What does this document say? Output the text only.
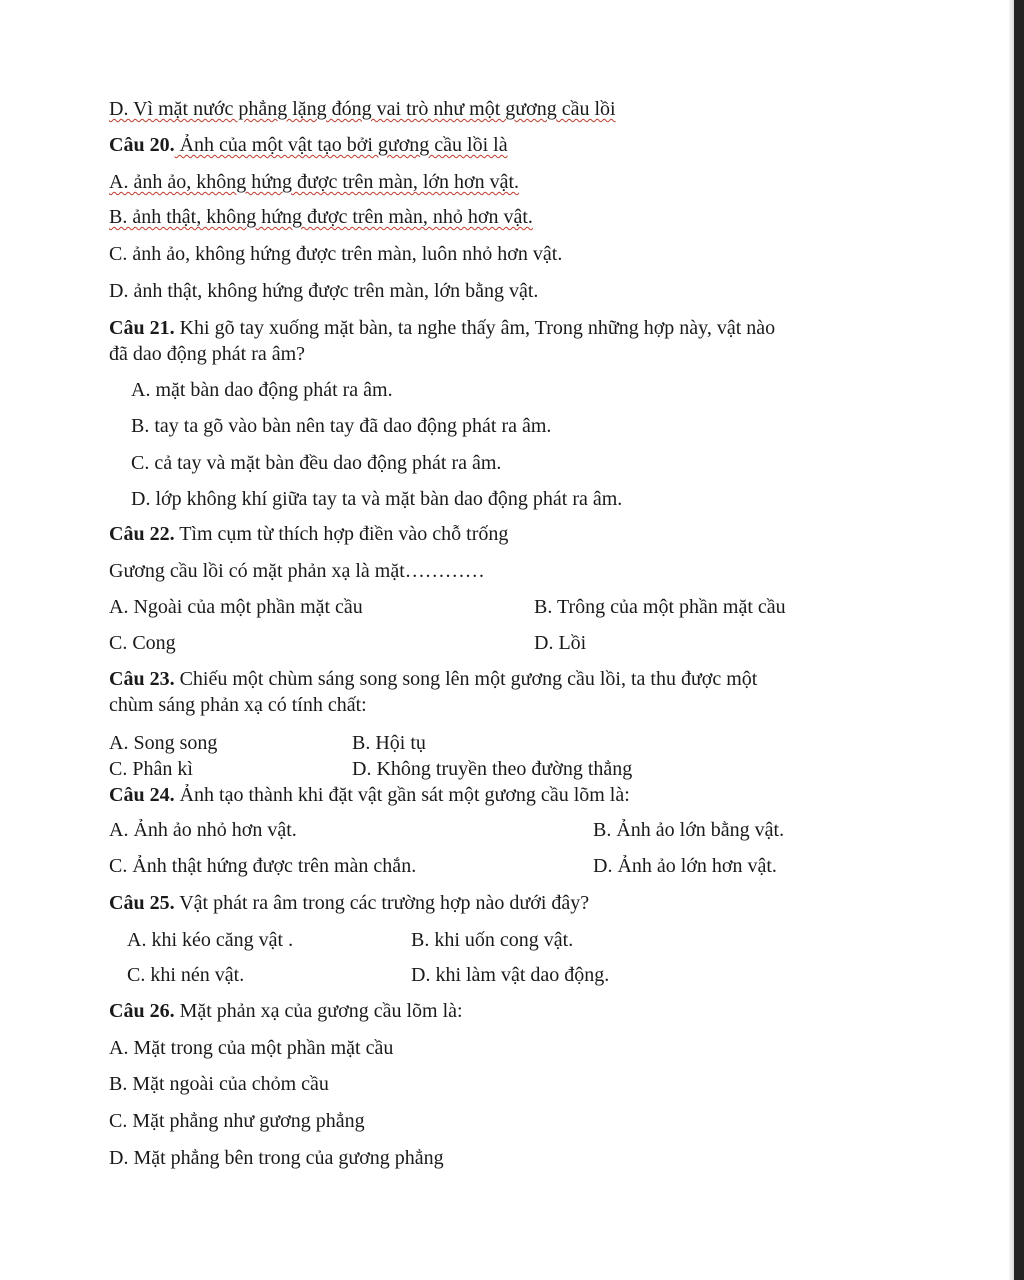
D. Vì mặt nước phẳng lặng đóng vai trò như một gương cầu lồi
Câu 20. Ảnh của một vật tạo bởi gương cầu lồi là
A. ảnh ảo, không hứng được trên màn, lớn hơn vật.
B. ảnh thật, không hứng được trên màn, nhỏ hơn vật.
C. ảnh ảo, không hứng được trên màn, luôn nhỏ hơn vật.
D. ảnh thật, không hứng được trên màn, lớn bằng vật.
Câu 21. Khi gõ tay xuống mặt bàn, ta nghe thấy âm, Trong những hợp này, vật nào
đã dao động phát ra âm?
A. mặt bàn dao động phát ra âm.
B. tay ta gõ vào bàn nên tay đã dao động phát ra âm.
C. cả tay và mặt bàn đều dao động phát ra âm.
D. lớp không khí giữa tay ta và mặt bàn dao động phát ra âm.
Câu 22. Tìm cụm từ thích hợp điền vào chỗ trống
Gương cầu lồi có mặt phản xạ là mặt…………
A. Ngoài của một phần mặt cầu	B. Trông của một phần mặt cầu
C. Cong	D. Lồi
Câu 23. Chiếu một chùm sáng song song lên một gương cầu lồi, ta thu được một
chùm sáng phản xạ có tính chất:
A. Song song	B. Hội tụ
C. Phân kì	D. Không truyền theo đường thẳng
Câu 24. Ảnh tạo thành khi đặt vật gần sát một gương cầu lõm là:
A. Ảnh ảo nhỏ hơn vật.	B. Ảnh ảo lớn bằng vật.
C. Ảnh thật hứng được trên màn chắn.	D. Ảnh ảo lớn hơn vật.
Câu 25. Vật phát ra âm trong các trường hợp nào dưới đây?
A. khi kéo căng vật .	B. khi uốn cong vật.
C. khi nén vật.	D. khi làm vật dao động.
Câu 26. Mặt phản xạ của gương cầu lõm là:
A. Mặt trong của một phần mặt cầu
B. Mặt ngoài của chỏm cầu
C. Mặt phẳng như gương phẳng
D. Mặt phẳng bên trong của gương phẳng
